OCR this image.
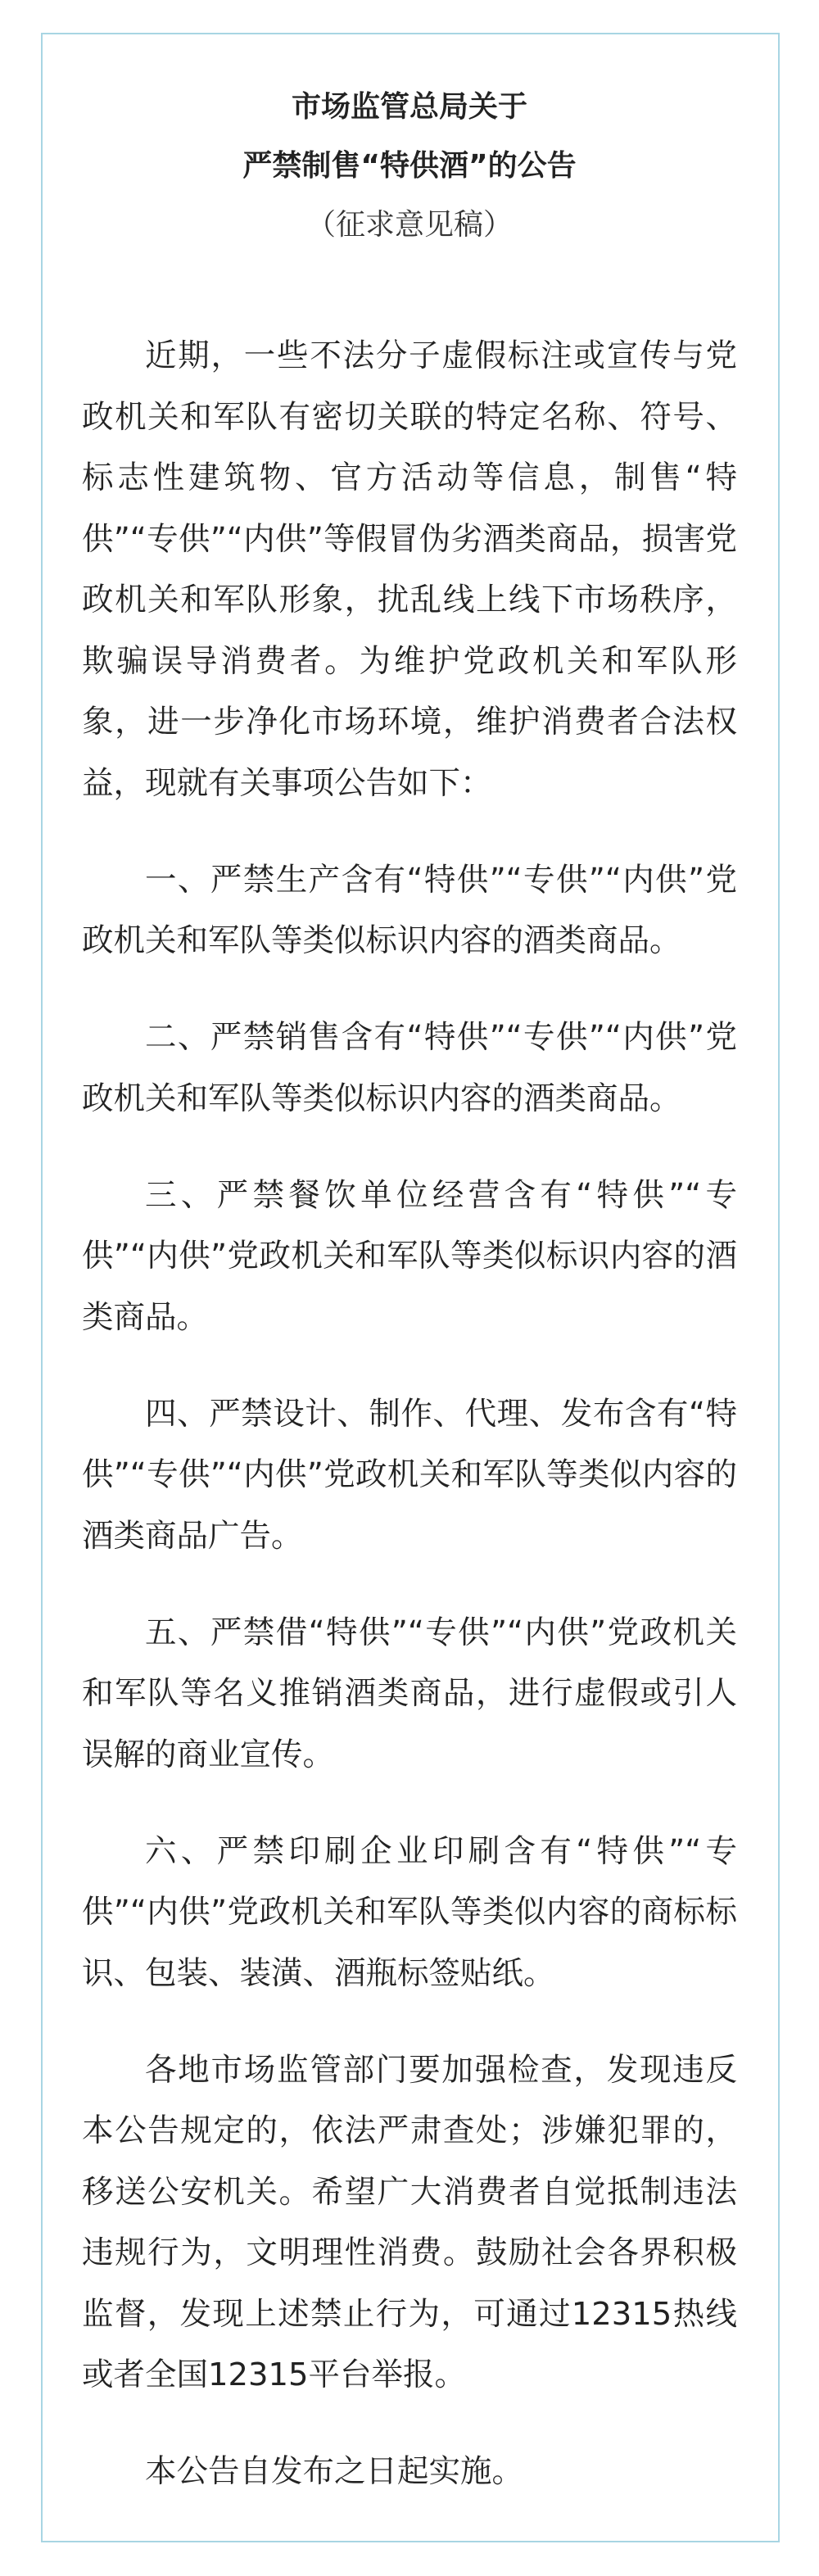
市场监管总局关于
严禁制售“特供酒”的公告
（征求意见稿）

近期，一些不法分子虚假标注或宣传与党政机关和军队有密切关联的特定名称、符号、标志性建筑物、官方活动等信息，制售“特供”“专供”“内供”等假冒伪劣酒类商品，损害党政机关和军队形象，扰乱线上线下市场秩序，欺骗误导消费者。为维护党政机关和军队形象，进一步净化市场环境，维护消费者合法权益，现就有关事项公告如下：

一、严禁生产含有“特供”“专供”“内供”党政机关和军队等类似标识内容的酒类商品。

二、严禁销售含有“特供”“专供”“内供”党政机关和军队等类似标识内容的酒类商品。

三、严禁餐饮单位经营含有“特供”“专供”“内供”党政机关和军队等类似标识内容的酒类商品。

四、严禁设计、制作、代理、发布含有“特供”“专供”“内供”党政机关和军队等类似内容的酒类商品广告。

五、严禁借“特供”“专供”“内供”党政机关和军队等名义推销酒类商品，进行虚假或引人误解的商业宣传。

六、严禁印刷企业印刷含有“特供”“专供”“内供”党政机关和军队等类似内容的商标标识、包装、装潢、酒瓶标签贴纸。

各地市场监管部门要加强检查，发现违反本公告规定的，依法严肃查处；涉嫌犯罪的，移送公安机关。希望广大消费者自觉抵制违法违规行为，文明理性消费。鼓励社会各界积极监督，发现上述禁止行为，可通过12315热线或者全国12315平台举报。

本公告自发布之日起实施。
